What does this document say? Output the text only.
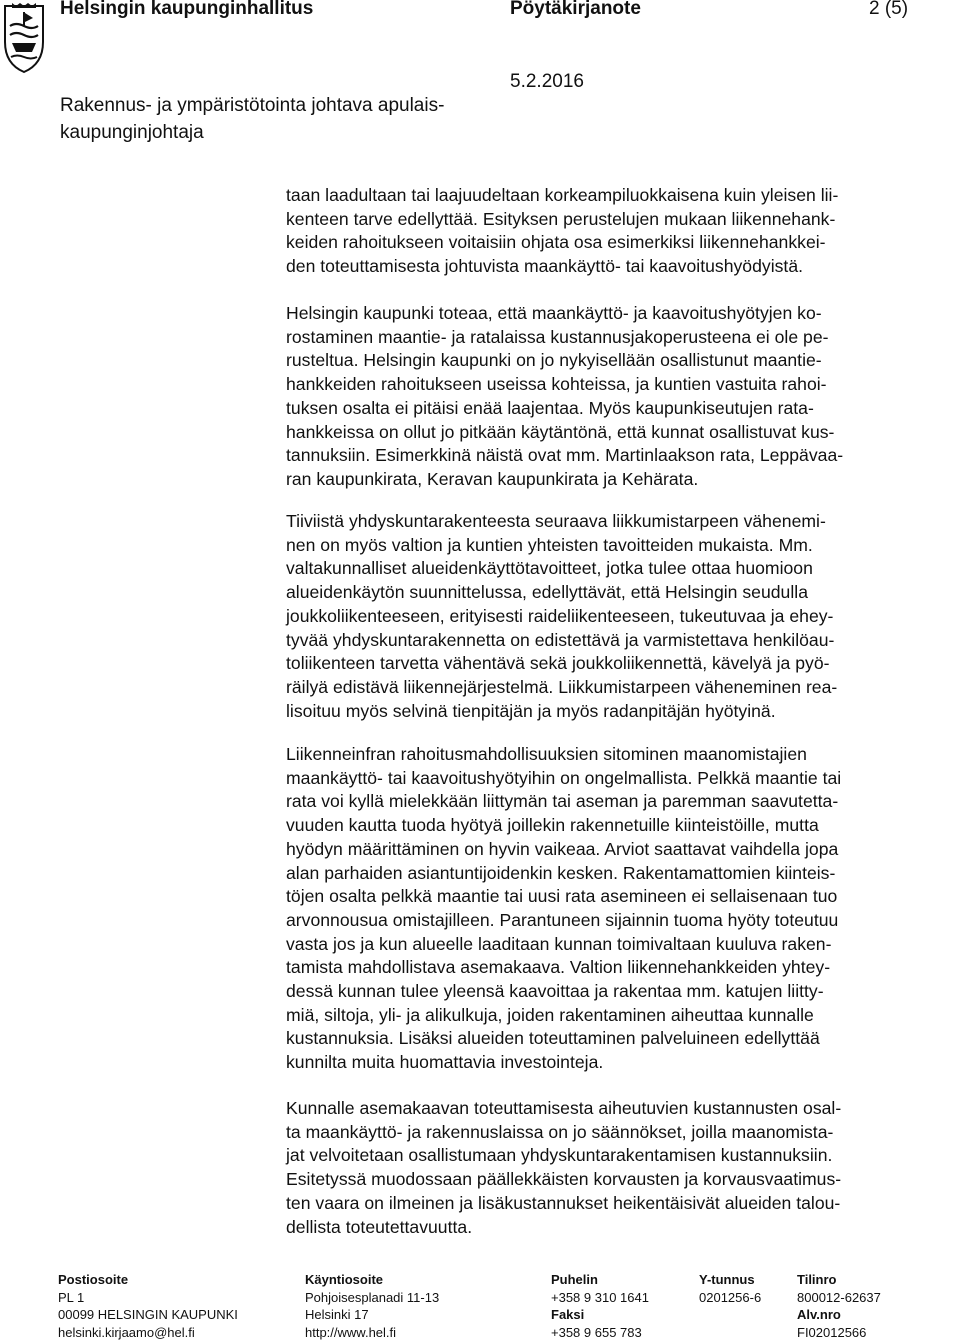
Helsingin kaupunginhallitus	Pöytäkirjanote	2 (5)
5.2.2016
Rakennus- ja ympäristötointa johtava apulais-
kaupunginjohtaja
taan laadultaan tai laajuudeltaan korkeampiluokkaisena kuin yleisen lii-
kenteen tarve edellyttää. Esityksen perustelujen mukaan liikennehank-
keiden rahoitukseen voitaisiin ohjata osa esimerkiksi liikennehankkei-
den toteuttamisesta johtuvista maankäyttö- tai kaavoitushyödyistä.
Helsingin kaupunki toteaa, että maankäyttö- ja kaavoitushyötyjen ko-
rostaminen maantie- ja ratalaissa kustannusjakoperusteena ei ole pe-
rusteltua. Helsingin kaupunki on jo nykyisellään osallistunut maantie-
hankkeiden rahoitukseen useissa kohteissa, ja kuntien vastuita rahoi-
tuksen osalta ei pitäisi enää laajentaa. Myös kaupunkiseutujen rata-
hankkeissa on ollut jo pitkään käytäntönä, että kunnat osallistuvat kus-
tannuksiin. Esimerkkinä näistä ovat mm. Martinlaakson rata, Leppävaa-
ran kaupunkirata, Keravan kaupunkirata ja Kehärata.
Tiiviistä yhdyskuntarakenteesta seuraava liikkumistarpeen vähenemi-
nen on myös valtion ja kuntien yhteisten tavoitteiden mukaista. Mm.
valtakunnalliset alueidenkäyttötavoitteet, jotka tulee ottaa huomioon
alueidenkäytön suunnittelussa, edellyttävät, että Helsingin seudulla
joukkoliikenteeseen, erityisesti raideliikenteeseen, tukeutuvaa ja ehey-
tyvää yhdyskuntarakennetta on edistettävä ja varmistettava henkilöau-
toliikenteen tarvetta vähentävä sekä joukkoliikennettä, kävelyä ja pyö-
räilyä edistävä liikennejärjestelmä. Liikkumistarpeen väheneminen rea-
lisoituu myös selvinä tienpitäjän ja myös radanpitäjän hyötyinä.
Liikenneinfran rahoitusmahdollisuuksien sitominen maanomistajien
maankäyttö- tai kaavoitushyötyihin on ongelmallista. Pelkkä maantie tai
rata voi kyllä mielekkään liittymän tai aseman ja paremman saavutetta-
vuuden kautta tuoda hyötyä joillekin rakennetuille kiinteistöille, mutta
hyödyn määrittäminen on hyvin vaikeaa. Arviot saattavat vaihdella jopa
alan parhaiden asiantuntijoidenkin kesken. Rakentamattomien kiinteis-
töjen osalta pelkkä maantie tai uusi rata asemineen ei sellaisenaan tuo
arvonnousua omistajilleen. Parantuneen sijainnin tuoma hyöty toteutuu
vasta jos ja kun alueelle laaditaan kunnan toimivaltaan kuuluva raken-
tamista mahdollistava asemakaava. Valtion liikennehankkeiden yhtey-
dessä kunnan tulee yleensä kaavoittaa ja rakentaa mm. katujen liitty-
miä, siltoja, yli- ja alikulkuja, joiden rakentaminen aiheuttaa kunnalle
kustannuksia. Lisäksi alueiden toteuttaminen palveluineen edellyttää
kunnilta muita huomattavia investointeja.
Kunnalle asemakaavan toteuttamisesta aiheutuvien kustannusten osal-
ta maankäyttö- ja rakennuslaissa on jo säännökset, joilla maanomista-
jat velvoitetaan osallistumaan yhdyskuntarakentamisen kustannuksiin.
Esitetyssä muodossaan päällekkäisten korvausten ja korvausvaatimus-
ten vaara on ilmeinen ja lisäkustannukset heikentäisivät alueiden talou-
dellista toteutettavuutta.
Postiosoite
PL 1
00099 HELSINGIN KAUPUNKI
helsinki.kirjaamo@hel.fi
Käyntiosoite
Pohjoisesplanadi 11-13
Helsinki 17
http://www.hel.fi
Puhelin
+358 9 310 1641
Faksi
+358 9 655 783
Y-tunnus
0201256-6
Tilinro
800012-62637
Alv.nro
FI02012566
